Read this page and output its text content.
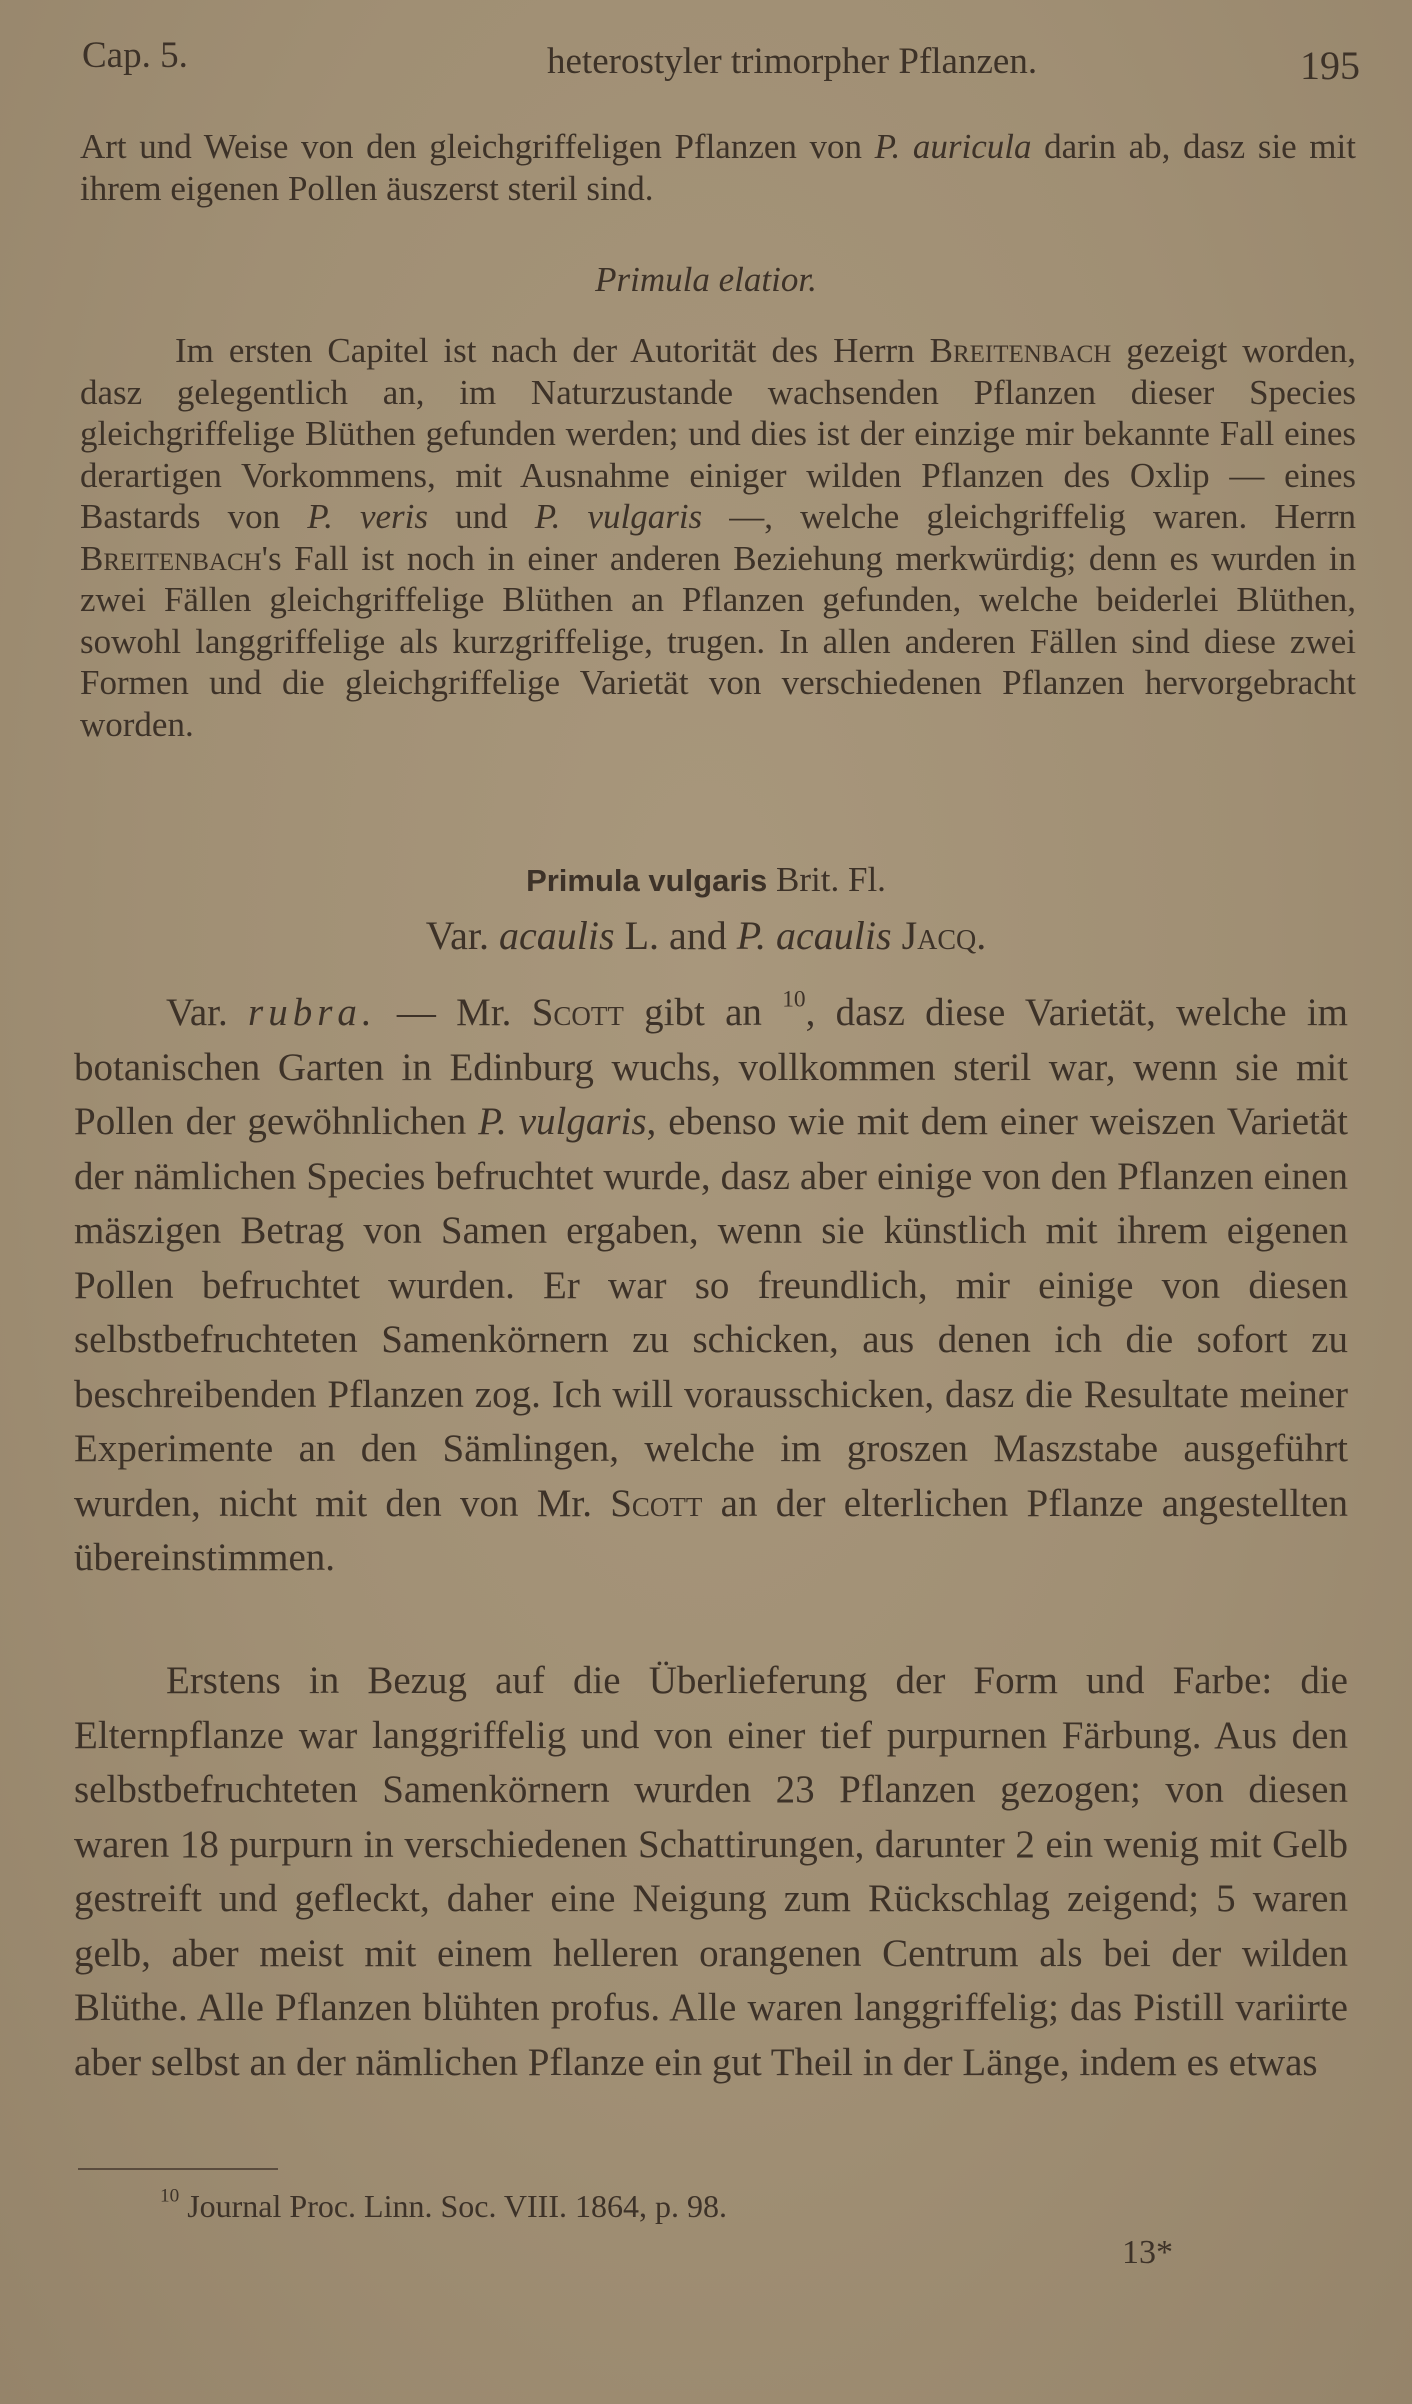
Cap. 5.	heterostyler trimorpher Pflanzen.	195
Art und Weise von den gleichgriffeligen Pflanzen von P. auricula darin ab, dasz sie mit ihrem eigenen Pollen äuszerst steril sind.
Primula elatior.
Im ersten Capitel ist nach der Autorität des Herrn Breitenbach gezeigt worden, dasz gelegentlich an, im Naturzustande wachsenden Pflanzen dieser Species gleichgriffelige Blüthen gefunden werden; und dies ist der einzige mir bekannte Fall eines derartigen Vorkommens, mit Ausnahme einiger wilden Pflanzen des Oxlip — eines Bastards von P. veris und P. vulgaris —, welche gleichgriffelig waren. Herrn Breitenbach's Fall ist noch in einer anderen Beziehung merkwürdig; denn es wurden in zwei Fällen gleichgriffelige Blüthen an Pflanzen gefunden, welche beiderlei Blüthen, sowohl langgriffelige als kurzgriffelige, trugen. In allen anderen Fällen sind diese zwei Formen und die gleichgriffelige Varietät von verschiedenen Pflanzen hervorgebracht worden.
Primula vulgaris Brit. Fl.
Var. acaulis L. and P. acaulis Jacq.
Var. rubra. — Mr. Scott gibt an $^{10}$, dasz diese Varietät, welche im botanischen Garten in Edinburg wuchs, vollkommen steril war, wenn sie mit Pollen der gewöhnlichen P. vulgaris, ebenso wie mit dem einer weiszen Varietät der nämlichen Species befruchtet wurde, dasz aber einige von den Pflanzen einen mäszigen Betrag von Samen ergaben, wenn sie künstlich mit ihrem eigenen Pollen befruchtet wurden. Er war so freundlich, mir einige von diesen selbstbefruchteten Samenkörnern zu schicken, aus denen ich die sofort zu beschreibenden Pflanzen zog. Ich will vorausschicken, dasz die Resultate meiner Experimente an den Sämlingen, welche im groszen Maszstabe ausgeführt wurden, nicht mit den von Mr. Scott an der elterlichen Pflanze angestellten übereinstimmen.
Erstens in Bezug auf die Überlieferung der Form und Farbe: die Elternpflanze war langgriffelig und von einer tief purpurnen Färbung. Aus den selbstbefruchteten Samenkörnern wurden 23 Pflanzen gezogen; von diesen waren 18 purpurn in verschiedenen Schattirungen, darunter 2 ein wenig mit Gelb gestreift und gefleckt, daher eine Neigung zum Rückschlag zeigend; 5 waren gelb, aber meist mit einem helleren orangenen Centrum als bei der wilden Blüthe. Alle Pflanzen blühten profus. Alle waren langgriffelig; das Pistill variirte aber selbst an der nämlichen Pflanze ein gut Theil in der Länge, indem es etwas
$^{10}$ Journal Proc. Linn. Soc. VIII. 1864, p. 98.
13*
